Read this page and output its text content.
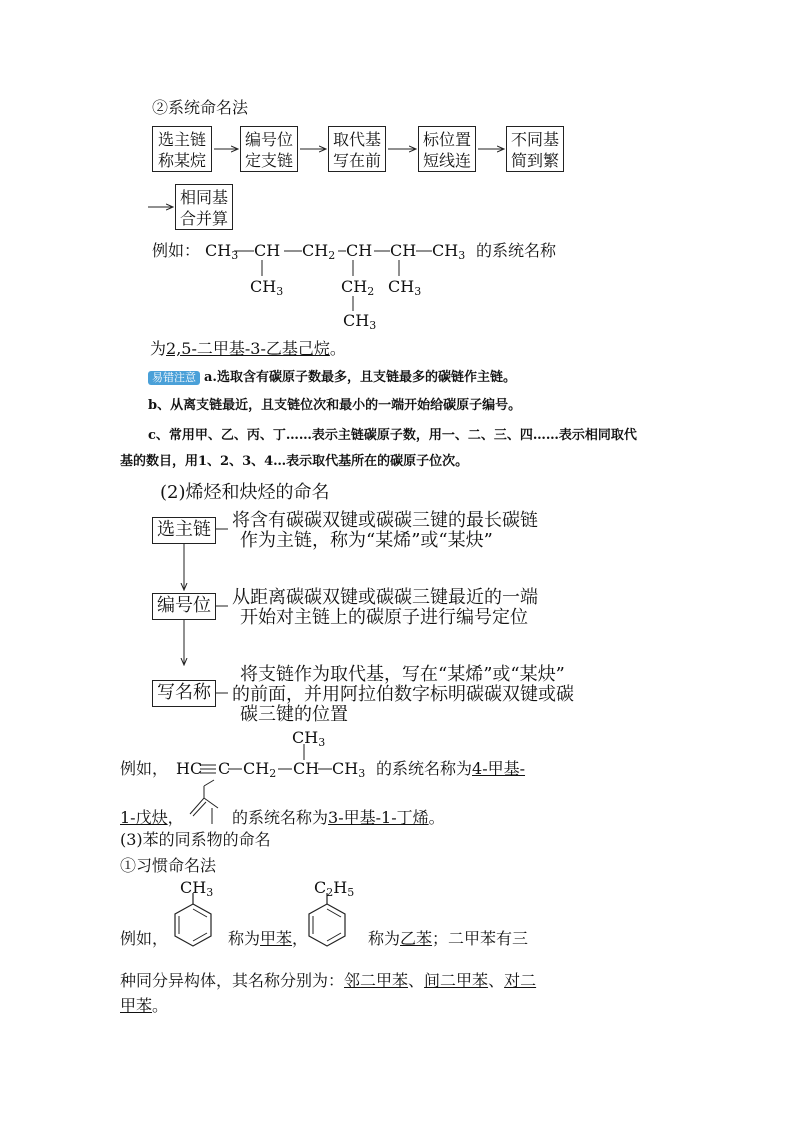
②系统命名法
选主链
称某烷
编号位
定支链
取代基
写在前
标位置
短线连
不同基
简到繁
相同基
合并算
例如： $CH_3$ CH $CH_2$ CH CH $CH_3$ 的系统名称
$CH_3$	$CH_2$ $CH_3$
$CH_3$
为2,5-二甲基-3-乙基己烷。
易错注意 a.选取含有碳原子数最多，且支链最多的碳链作主链。
b、从离支链最近，且支链位次和最小的一端开始给碳原子编号。
c、常用甲、乙、丙、丁……表示主链碳原子数，用一、二、三、四……表示相同取代
基的数目，用1、2、3、4…表示取代基所在的碳原子位次。
(2)烯烃和炔烃的命名
选主链 将含有碳碳双键或碳碳三键的最长碳链
作为主链，称为“某烯”或“某炔”
编号位 从距离碳碳双键或碳碳三键最近的一端
开始对主链上的碳原子进行编号定位
写名称
将支链作为取代基，写在“某烯”或“某炔”
的前面，并用阿拉伯数字标明碳碳双键或碳
碳三键的位置
$CH_3$
例如， HC C $CH_2$ CH $CH_3$ 的系统名称为4-甲基-
1-戊炔，	的系统名称为3-甲基-1-丁烯。
(3)苯的同系物的命名
①习惯命名法
$CH_3$	$C_2H_5$
例如，	称为甲苯，	称为乙苯；二甲苯有三
种同分异构体，其名称分别为：邻二甲苯、间二甲苯、对二
甲苯。
